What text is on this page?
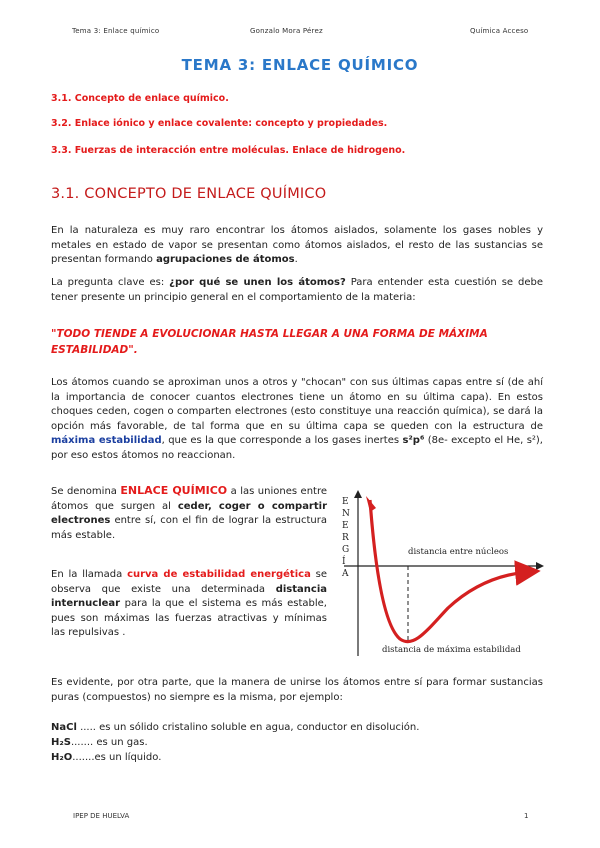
Tema 3: Enlace químico	Gonzalo Mora Pérez	Química Acceso
TEMA 3: ENLACE QUÍMICO
3.1. Concepto de enlace químico.
3.2. Enlace iónico y enlace covalente: concepto y propiedades.
3.3. Fuerzas de interacción entre moléculas. Enlace de hidrogeno.
3.1. CONCEPTO DE ENLACE QUÍMICO

En la naturaleza es muy raro encontrar los átomos aislados, solamente los gases nobles y metales en estado de vapor se presentan como átomos aislados, el resto de las sustancias se presentan formando agrupaciones de átomos.

La pregunta clave es: ¿por qué se unen los átomos? Para entender esta cuestión se debe tener presente un principio general en el comportamiento de la materia:

"TODO TIENDE A EVOLUCIONAR HASTA LLEGAR A UNA FORMA DE MÁXIMA ESTABILIDAD".

Los átomos cuando se aproximan unos a otros y "chocan" con sus últimas capas entre sí (de ahí la importancia de conocer cuantos electrones tiene un átomo en su última capa). En estos choques ceden, cogen o comparten electrones (esto constituye una reacción química), se dará la opción más favorable, de tal forma que en su última capa se queden con la estructura de máxima estabilidad, que es la que corresponde a los gases inertes s²p⁶ (8e- excepto el He, s²), por eso estos átomos no reaccionan.

Se denomina ENLACE QUÍMICO a las uniones entre átomos que surgen al ceder, coger o compartir electrones entre sí, con el fin de lograr la estructura más estable.

En la llamada curva de estabilidad energética se observa que existe una determinada distancia internuclear para la que el sistema es más estable, pues son máximas las fuerzas atractivas y mínimas las repulsivas .

E N E R G Í A
distancia entre núcleos
distancia de máxima estabilidad

Es evidente, por otra parte, que la manera de unirse los átomos entre sí para formar sustancias puras (compuestos) no siempre es la misma, por ejemplo:

NaCl ..... es un sólido cristalino soluble en agua, conductor en disolución.

H₂S....... es un gas.

H₂O.......es un líquido.

IPEP DE HUELVA	1
